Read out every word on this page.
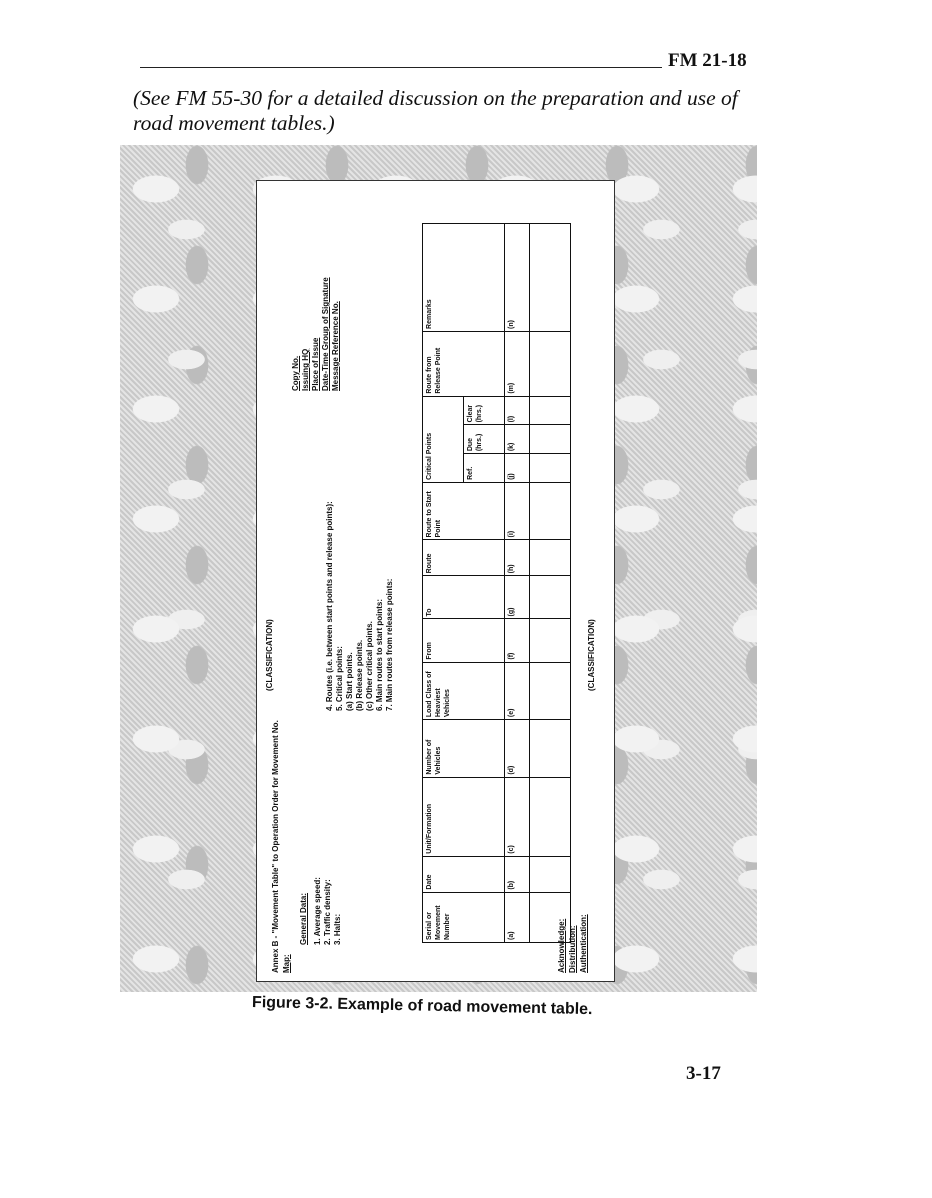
FM 21-18

(See FM 55-30 for a detailed discussion on the preparation and use of road movement tables.)

(CLASSIFICATION)
Annex B - "Movement Table" to Operation Order for Movement No. Map:
General Data: 1. Average speed: 2. Traffic density: 3. Halts:
4. Routes (i.e. between start points and release points): 5. Critical points: (a) Start points. (b) Release points. (c) Other critical points. 6. Main routes to start points: 7. Main routes from release points:
Copy No. Issuing HQ Place of Issue Date-Time Group of Signature Message Reference No.
Serial or Movement Number	Date	Unit/Formation	Number of Vehicles	Load Class of Heaviest Vehicles	From	To	Route	Route to Start Point	Critical Points			Route from Release Point	Remarks
									Ref.	Due (hrs.)	Clear (hrs.)		
(a)	(b)	(c)	(d)	(e)	(f)	(g)	(h)	(i)	(j)	(k)	(l)	(m)	(n)

Acknowledge: Distribution: Authentication:
(CLASSIFICATION)
Figure 3-2. Example of road movement table.
3-17
